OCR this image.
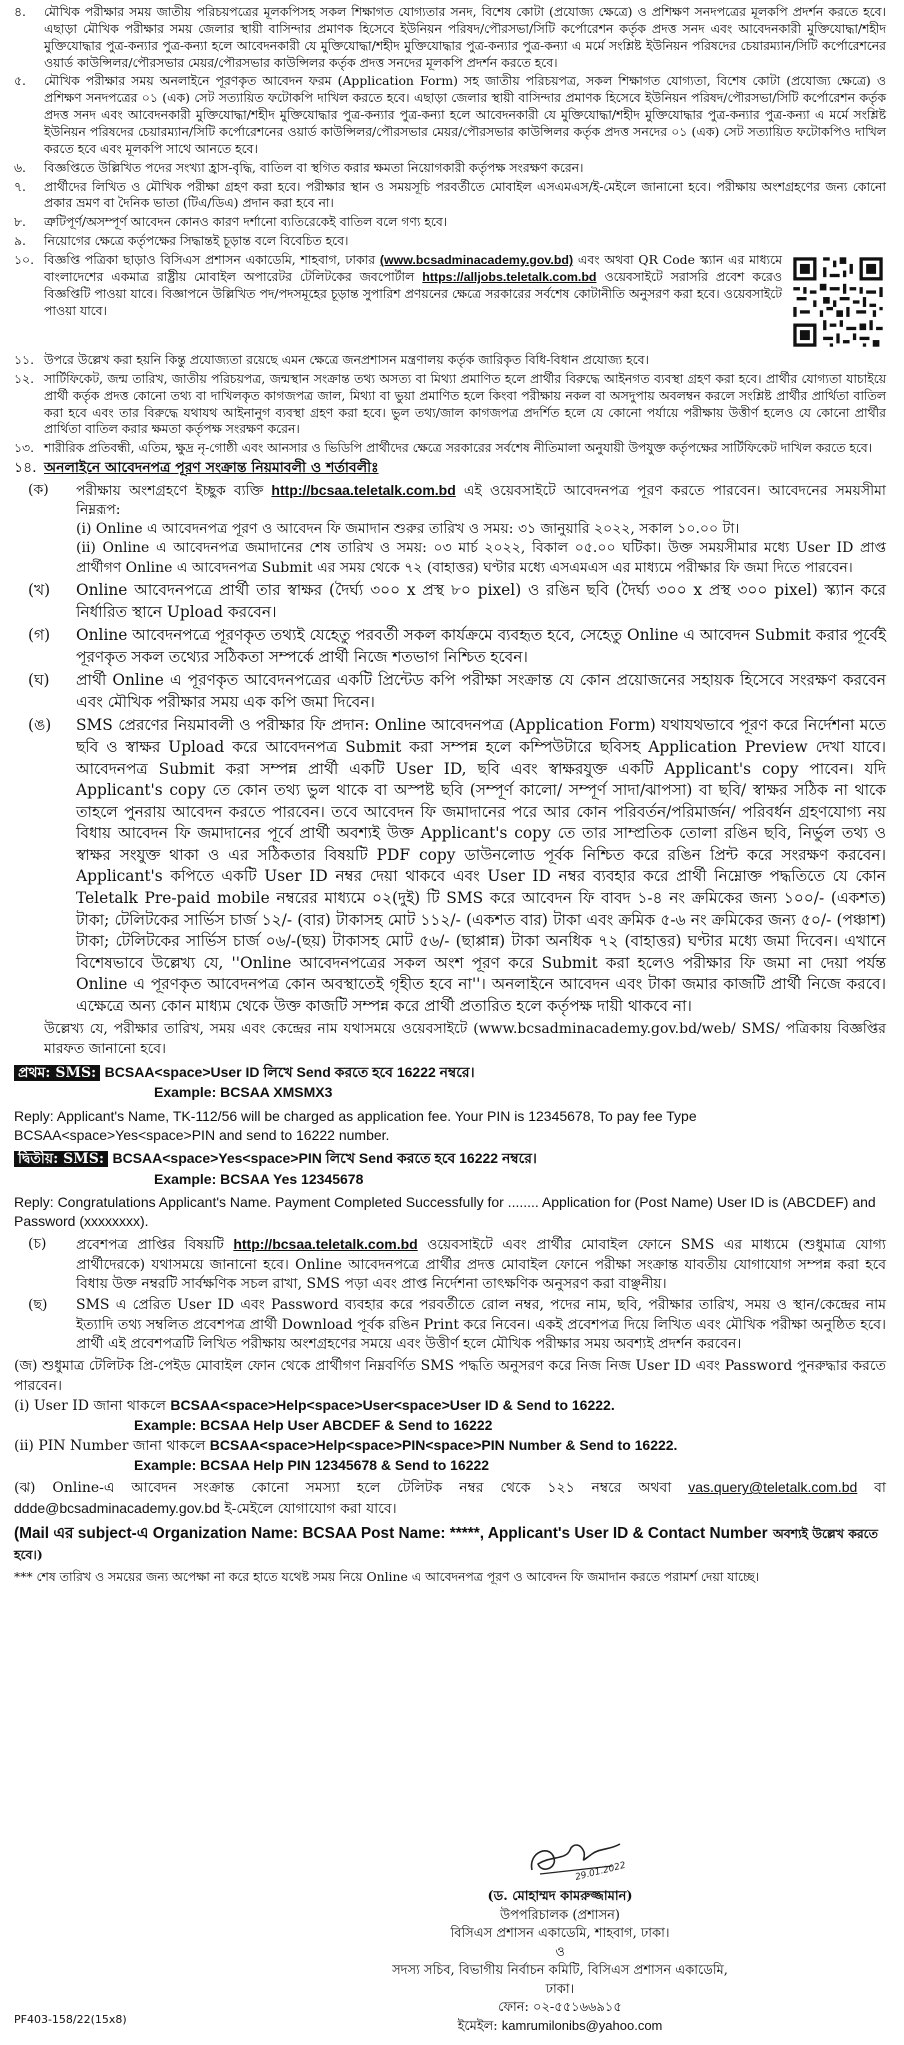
৪.	মৌখিক পরীক্ষার সময় জাতীয় পরিচয়পত্রের মূলকপিসহ সকল শিক্ষাগত যোগ্যতার সনদ, বিশেষ কোটা (প্রযোজ্য ক্ষেত্রে) ও প্রশিক্ষণ সনদপত্রের মূলকপি প্রদর্শন করতে হবে। এছাড়া মৌখিক পরীক্ষার সময় জেলার স্থায়ী বাসিন্দার প্রমাণক হিসেবে ইউনিয়ন পরিষদ/পৌরসভা/সিটি কর্পোরেশন কর্তৃক প্রদত্ত সনদ এবং আবেদনকারী মুক্তিযোদ্ধা/শহীদ মুক্তিযোদ্ধার পুত্র-কন্যার পুত্র-কন্যা হলে আবেদনকারী যে মুক্তিযোদ্ধা/শহীদ মুক্তিযোদ্ধার পুত্র-কন্যার পুত্র-কন্যা এ মর্মে সংশ্লিষ্ট ইউনিয়ন পরিষদের চেয়ারম্যান/সিটি কর্পোরেশনের ওয়ার্ড কাউন্সিলর/পৌরসভার মেয়র/পৌরসভার কাউন্সিলর কর্তৃক প্রদত্ত সনদের মূলকপি প্রদর্শন করতে হবে।
৫.	মৌখিক পরীক্ষার সময় অনলাইনে পূরণকৃত আবেদন ফরম (Application Form) সহ জাতীয় পরিচয়পত্র, সকল শিক্ষাগত যোগ্যতা, বিশেষ কোটা (প্রযোজ্য ক্ষেত্রে) ও প্রশিক্ষণ সনদপত্রের ০১ (এক) সেট সত্যায়িত ফটোকপি দাখিল করতে হবে। এছাড়া জেলার স্থায়ী বাসিন্দার প্রমাণক হিসেবে ইউনিয়ন পরিষদ/পৌরসভা/সিটি কর্পোরেশন কর্তৃক প্রদত্ত সনদ এবং আবেদনকারী মুক্তিযোদ্ধা/শহীদ মুক্তিযোদ্ধার পুত্র-কন্যার পুত্র-কন্যা হলে আবেদনকারী যে মুক্তিযোদ্ধা/শহীদ মুক্তিযোদ্ধার পুত্র-কন্যার পুত্র-কন্যা এ মর্মে সংশ্লিষ্ট ইউনিয়ন পরিষদের চেয়ারম্যান/সিটি কর্পোরেশনের ওয়ার্ড কাউন্সিলর/পৌরসভার মেয়র/পৌরসভার কাউন্সিলর কর্তৃক প্রদত্ত সনদের ০১ (এক) সেট সত্যায়িত ফটোকপিও দাখিল করতে হবে এবং মূলকপি সাথে আনতে হবে।
৬.	বিজ্ঞপ্তিতে উল্লিখিত পদের সংখ্যা হ্রাস-বৃদ্ধি, বাতিল বা স্থগিত করার ক্ষমতা নিয়োগকারী কর্তৃপক্ষ সংরক্ষণ করেন।
৭.	প্রার্থীদের লিখিত ও মৌখিক পরীক্ষা গ্রহণ করা হবে। পরীক্ষার স্থান ও সময়সূচি পরবর্তীতে মোবাইল এসএমএস/ই-মেইলে জানানো হবে। পরীক্ষায় অংশগ্রহণের জন্য কোনো প্রকার ভ্রমণ বা দৈনিক ভাতা (টিএ/ডিএ) প্রদান করা হবে না।
৮.	ত্রুটিপূর্ণ/অসম্পূর্ণ আবেদন কোনও কারণ দর্শানো ব্যতিরেকেই বাতিল বলে গণ্য হবে।
৯.	নিয়োগের ক্ষেত্রে কর্তৃপক্ষের সিদ্ধান্তই চূড়ান্ত বলে বিবেচিত হবে।
১০. বিজ্ঞপ্তি পত্রিকা ছাড়াও বিসিএস প্রশাসন একাডেমি, শাহবাগ, ঢাকার (www.bcsadminacademy.gov.bd) এবং অথবা QR Code স্ক্যান এর মাধ্যমে বাংলাদেশের একমাত্র রাষ্ট্রীয় মোবাইল অপারেটর টেলিটকের জবপোর্টাল https://alljobs.teletalk.com.bd ওয়েবসাইটে সরাসরি প্রবেশ করেও বিজ্ঞপ্তিটি পাওয়া যাবে। বিজ্ঞাপনে উল্লিখিত পদ/পদসমূহের চূড়ান্ত সুপারিশ প্রণয়নের ক্ষেত্রে সরকারের সর্বশেষ কোটানীতি অনুসরণ করা হবে। ওয়েবসাইটে পাওয়া যাবে।
১১. উপরে উল্লেখ করা হয়নি কিন্তু প্রযোজ্যতা রয়েছে এমন ক্ষেত্রে জনপ্রশাসন মন্ত্রণালয় কর্তৃক জারিকৃত বিধি-বিধান প্রযোজ্য হবে।
১২. সার্টিফিকেট, জন্ম তারিখ, জাতীয় পরিচয়পত্র, জন্মস্থান সংক্রান্ত তথ্য অসত্য বা মিথ্যা প্রমাণিত হলে প্রার্থীর বিরুদ্ধে আইনগত ব্যবস্থা গ্রহণ করা হবে। প্রার্থীর যোগ্যতা যাচাইয়ে প্রার্থী কর্তৃক প্রদত্ত কোনো তথ্য বা দাখিলকৃত কাগজপত্র জাল, মিথ্যা বা ভুয়া প্রমাণিত হলে কিংবা পরীক্ষায় নকল বা অসদুপায় অবলম্বন করলে সংশ্লিষ্ট প্রার্থীর প্রার্থিতা বাতিল করা হবে এবং তার বিরুদ্ধে যথাযথ আইনানুগ ব্যবস্থা গ্রহণ করা হবে। ভুল তথ্য/জাল কাগজপত্র প্রদর্শিত হলে যে কোনো পর্যায়ে পরীক্ষায় উত্তীর্ণ হলেও যে কোনো প্রার্থীর প্রার্থিতা বাতিল করার ক্ষমতা কর্তৃপক্ষ সংরক্ষণ করেন।
১৩. শারীরিক প্রতিবন্ধী, এতিম, ক্ষুদ্র নৃ-গোষ্ঠী এবং আনসার ও ভিডিপি প্রার্থীদের ক্ষেত্রে সরকারের সর্বশেষ নীতিমালা অনুযায়ী উপযুক্ত কর্তৃপক্ষের সার্টিফিকেট দাখিল করতে হবে।
১৪. অনলাইনে আবেদনপত্র পূরণ সংক্রান্ত নিয়মাবলী ও শর্তাবলীঃ
(ক)	পরীক্ষায় অংশগ্রহণে ইচ্ছুক ব্যক্তি http://bcsaa.teletalk.com.bd এই ওয়েবসাইটে আবেদনপত্র পূরণ করতে পারবেন। আবেদনের সময়সীমা নিম্নরূপ:
(i) Online এ আবেদনপত্র পূরণ ও আবেদন ফি জমাদান শুরুর তারিখ ও সময়: ৩১ জানুয়ারি ২০২২, সকাল ১০.০০ টা।
(ii) Online এ আবেদনপত্র জমাদানের শেষ তারিখ ও সময়: ০৩ মার্চ ২০২২, বিকাল ০৫.০০ ঘটিকা। উক্ত সময়সীমার মধ্যে User ID প্রাপ্ত প্রার্থীগণ Online এ আবেদনপত্র Submit এর সময় থেকে ৭২ (বাহাত্তর) ঘণ্টার মধ্যে এসএমএস এর মাধ্যমে পরীক্ষার ফি জমা দিতে পারবেন।
(খ)	Online আবেদনপত্রে প্রার্থী তার স্বাক্ষর (দৈর্ঘ্য ৩০০ x প্রস্থ ৮০ pixel) ও রঙিন ছবি (দৈর্ঘ্য ৩০০ x প্রস্থ ৩০০ pixel) স্ক্যান করে নির্ধারিত স্থানে Upload করবেন।
(গ)	Online আবেদনপত্রে পূরণকৃত তথ্যই যেহেতু পরবর্তী সকল কার্যক্রমে ব্যবহৃত হবে, সেহেতু Online এ আবেদন Submit করার পূর্বেই পূরণকৃত সকল তথ্যের সঠিকতা সম্পর্কে প্রার্থী নিজে শতভাগ নিশ্চিত হবেন।
(ঘ)	প্রার্থী Online এ পূরণকৃত আবেদনপত্রের একটি প্রিন্টেড কপি পরীক্ষা সংক্রান্ত যে কোন প্রয়োজনের সহায়ক হিসেবে সংরক্ষণ করবেন এবং মৌখিক পরীক্ষার সময় এক কপি জমা দিবেন।
(ঙ)	SMS প্রেরণের নিয়মাবলী ও পরীক্ষার ফি প্রদান: Online আবেদনপত্র (Application Form) যথাযথভাবে পূরণ করে নির্দেশনা মতে ছবি ও স্বাক্ষর Upload করে আবেদনপত্র Submit করা সম্পন্ন হলে কম্পিউটারে ছবিসহ Application Preview দেখা যাবে। আবেদনপত্র Submit করা সম্পন্ন প্রার্থী একটি User ID, ছবি এবং স্বাক্ষরযুক্ত একটি Applicant's copy পাবেন। যদি Applicant's copy তে কোন তথ্য ভুল থাকে বা অস্পষ্ট ছবি (সম্পূর্ণ কালো/ সম্পূর্ণ সাদা/ঝাপসা) বা ছবি/ স্বাক্ষর সঠিক না থাকে তাহলে পুনরায় আবেদন করতে পারবেন। তবে আবেদন ফি জমাদানের পরে আর কোন পরিবর্তন/পরিমার্জন/ পরিবর্ধন গ্রহণযোগ্য নয় বিধায় আবেদন ফি জমাদানের পূর্বে প্রার্থী অবশ্যই উক্ত Applicant's copy তে তার সাম্প্রতিক তোলা রঙিন ছবি, নির্ভুল তথ্য ও স্বাক্ষর সংযুক্ত থাকা ও এর সঠিকতার বিষয়টি PDF copy ডাউনলোড পূর্বক নিশ্চিত করে রঙিন প্রিন্ট করে সংরক্ষণ করবেন। Applicant's কপিতে একটি User ID নম্বর দেয়া থাকবে এবং User ID নম্বর ব্যবহার করে প্রার্থী নিম্নোক্ত পদ্ধতিতে যে কোন Teletalk Pre-paid mobile নম্বরের মাধ্যমে ০২(দুই) টি SMS করে আবেদন ফি বাবদ ১-৪ নং ক্রমিকের জন্য ১০০/- (একশত) টাকা; টেলিটকের সার্ভিস চার্জ ১২/- (বার) টাকাসহ মোট ১১২/- (একশত বার) টাকা এবং ক্রমিক ৫-৬ নং ক্রমিকের জন্য ৫০/- (পঞ্চাশ) টাকা; টেলিটকের সার্ভিস চার্জ ০৬/-(ছয়) টাকাসহ মোট ৫৬/- (ছাপ্পান্ন) টাকা অনধিক ৭২ (বাহাত্তর) ঘণ্টার মধ্যে জমা দিবেন। এখানে বিশেষভাবে উল্লেখ্য যে, ''Online আবেদনপত্রের সকল অংশ পূরণ করে Submit করা হলেও পরীক্ষার ফি জমা না দেয়া পর্যন্ত Online এ পূরণকৃত আবেদনপত্র কোন অবস্থাতেই গৃহীত হবে না''। অনলাইনে আবেদন এবং টাকা জমার কাজটি প্রার্থী নিজে করবে। এক্ষেত্রে অন্য কোন মাধ্যম থেকে উক্ত কাজটি সম্পন্ন করে প্রার্থী প্রতারিত হলে কর্তৃপক্ষ দায়ী থাকবে না।
উল্লেখ্য যে, পরীক্ষার তারিখ, সময় এবং কেন্দ্রের নাম যথাসময়ে ওয়েবসাইটে (www.bcsadminacademy.gov.bd/web/ SMS/ পত্রিকায় বিজ্ঞপ্তির মারফত জানানো হবে।
প্রথম: SMS: BCSAA<space>User ID লিখে Send করতে হবে 16222 নম্বরে।
Example: BCSAA XMSMX3
Reply: Applicant's Name, TK-112/56 will be charged as application fee. Your PIN is 12345678, To pay fee Type BCSAA<space>Yes<space>PIN and send to 16222 number.
দ্বিতীয়: SMS: BCSAA<space>Yes<space>PIN লিখে Send করতে হবে 16222 নম্বরে।
Example: BCSAA Yes 12345678
Reply: Congratulations Applicant's Name. Payment Completed Successfully for ........ Application for (Post Name) User ID is (ABCDEF) and Password (xxxxxxxx).
(চ)	প্রবেশপত্র প্রাপ্তির বিষয়টি http://bcsaa.teletalk.com.bd ওয়েবসাইটে এবং প্রার্থীর মোবাইল ফোনে SMS এর মাধ্যমে (শুধুমাত্র যোগ্য প্রার্থীদেরকে) যথাসময়ে জানানো হবে। Online আবেদনপত্রে প্রার্থীর প্রদত্ত মোবাইল ফোনে পরীক্ষা সংক্রান্ত যাবতীয় যোগাযোগ সম্পন্ন করা হবে বিধায় উক্ত নম্বরটি সার্বক্ষণিক সচল রাখা, SMS পড়া এবং প্রাপ্ত নির্দেশনা তাৎক্ষণিক অনুসরণ করা বাঞ্ছনীয়।
(ছ)	SMS এ প্রেরিত User ID এবং Password ব্যবহার করে পরবর্তীতে রোল নম্বর, পদের নাম, ছবি, পরীক্ষার তারিখ, সময় ও স্থান/কেন্দ্রের নাম ইত্যাদি তথ্য সম্বলিত প্রবেশপত্র প্রার্থী Download পূর্বক রঙিন Print করে নিবেন। একই প্রবেশপত্র দিয়ে লিখিত এবং মৌখিক পরীক্ষা অনুষ্ঠিত হবে। প্রার্থী এই প্রবেশপত্রটি লিখিত পরীক্ষায় অংশগ্রহণের সময়ে এবং উত্তীর্ণ হলে মৌখিক পরীক্ষার সময় অবশ্যই প্রদর্শন করবেন।
(জ) শুধুমাত্র টেলিটক প্রি-পেইড মোবাইল ফোন থেকে প্রার্থীগণ নিম্নবর্ণিত SMS পদ্ধতি অনুসরণ করে নিজ নিজ User ID এবং Password পুনরুদ্ধার করতে পারবেন।
(i) User ID জানা থাকলে BCSAA<space>Help<space>User<space>User ID & Send to 16222.
Example: BCSAA Help User ABCDEF & Send to 16222
(ii) PIN Number জানা থাকলে BCSAA<space>Help<space>PIN<space>PIN Number & Send to 16222.
Example: BCSAA Help PIN 12345678 & Send to 16222
(ঝ) Online-এ আবেদন সংক্রান্ত কোনো সমস্যা হলে টেলিটক নম্বর থেকে ১২১ নম্বরে অথবা vas.query@teletalk.com.bd বা ddde@bcsadminacademy.gov.bd ই-মেইলে যোগাযোগ করা যাবে।
(Mail এর subject-এ Organization Name: BCSAA Post Name: *****, Applicant's User ID & Contact Number অবশ্যই উল্লেখ করতে হবে।)
*** শেষ তারিখ ও সময়ের জন্য অপেক্ষা না করে হাতে যথেষ্ট সময় নিয়ে Online এ আবেদনপত্র পূরণ ও আবেদন ফি জমাদান করতে পরামর্শ দেয়া যাচ্ছে।
29.01.2022
(ড. মোহাম্মদ কামরুজ্জামান)
উপপরিচালক (প্রশাসন)
বিসিএস প্রশাসন একাডেমি, শাহবাগ, ঢাকা।
ও
সদস্য সচিব, বিভাগীয় নির্বাচন কমিটি, বিসিএস প্রশাসন একাডেমি,
ঢাকা।
ফোন: ০২-৫৫১৬৬৯১৫
ইমেইল: kamrumilonibs@yahoo.com
PF403-158/22(15x8)
